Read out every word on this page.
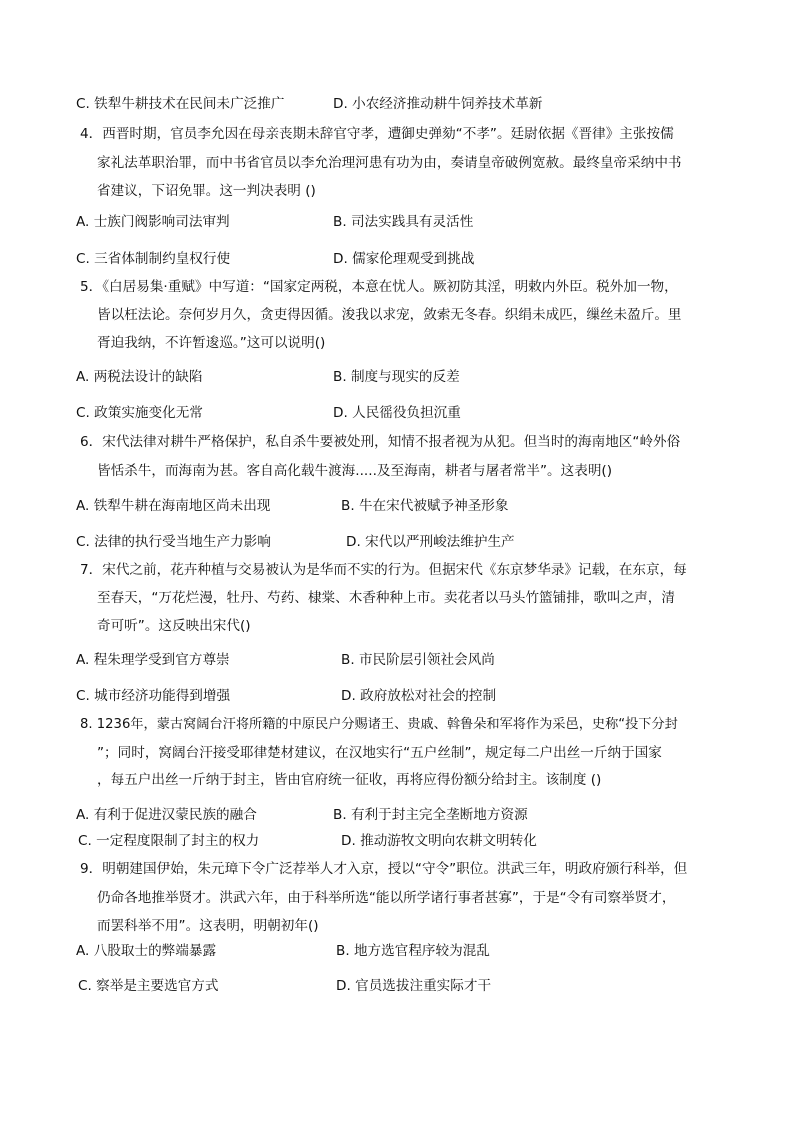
C. 铁犁牛耕技术在民间未广泛推广	D. 小农经济推动耕牛饲养技术革新
4．西晋时期，官员李允因在母亲丧期未辞官守孝，遭御史弹劾“不孝”。廷尉依据《晋律》主张按儒
家礼法革职治罪，而中书省官员以李允治理河患有功为由，奏请皇帝破例宽赦。最终皇帝采纳中书
省建议，下诏免罪。这一判决表明 ()
A. 士族门阀影响司法审判	B. 司法实践具有灵活性
C. 三省体制制约皇权行使	D. 儒家伦理观受到挑战
5．《白居易集·重赋》中写道：“国家定两税，本意在忧人。厥初防其淫，明敕内外臣。税外加一物，
皆以枉法论。奈何岁月久，贪吏得因循。浚我以求宠，敛索无冬春。织绢未成匹，缫丝未盈斤。里
胥迫我纳，不许暂逡巡。”这可以说明()
A. 两税法设计的缺陷	B. 制度与现实的反差
C. 政策实施变化无常	D. 人民徭役负担沉重
6．宋代法律对耕牛严格保护，私自杀牛要被处刑，知情不报者视为从犯。但当时的海南地区“岭外俗
皆恬杀牛，而海南为甚。客自高化载牛渡海.....及至海南，耕者与屠者常半”。这表明()
A. 铁犁牛耕在海南地区尚未出现	B. 牛在宋代被赋予神圣形象
C. 法律的执行受当地生产力影响	D. 宋代以严刑峻法维护生产
7．宋代之前，花卉种植与交易被认为是华而不实的行为。但据宋代《东京梦华录》记载，在东京，每
至春天，“万花烂漫，牡丹、芍药、棣棠、木香种种上市。卖花者以马头竹篮铺排，歌叫之声，清
奇可听”。这反映出宋代()
A. 程朱理学受到官方尊崇	B. 市民阶层引领社会风尚
C. 城市经济功能得到增强	D. 政府放松对社会的控制
8. 1236年，蒙古窝阔台汗将所籍的中原民户分赐诸王、贵戚、斡鲁朵和军将作为采邑，史称“投下分封
”；同时，窝阔台汗接受耶律楚材建议，在汉地实行“五户丝制”，规定每二户出丝一斤纳于国家
，每五户出丝一斤纳于封主，皆由官府统一征收，再将应得份额分给封主。该制度 ()
A. 有利于促进汉蒙民族的融合	B. 有利于封主完全垄断地方资源
C. 一定程度限制了封主的权力	D. 推动游牧文明向农耕文明转化
9．明朝建国伊始，朱元璋下令广泛荐举人才入京，授以“守令”职位。洪武三年，明政府颁行科举，但
仍命各地推举贤才。洪武六年，由于科举所选“能以所学诸行事者甚寡”，于是“令有司察举贤才，
而罢科举不用”。这表明，明朝初年()
A. 八股取士的弊端暴露	B. 地方选官程序较为混乱
C. 察举是主要选官方式	D. 官员选拔注重实际才干
